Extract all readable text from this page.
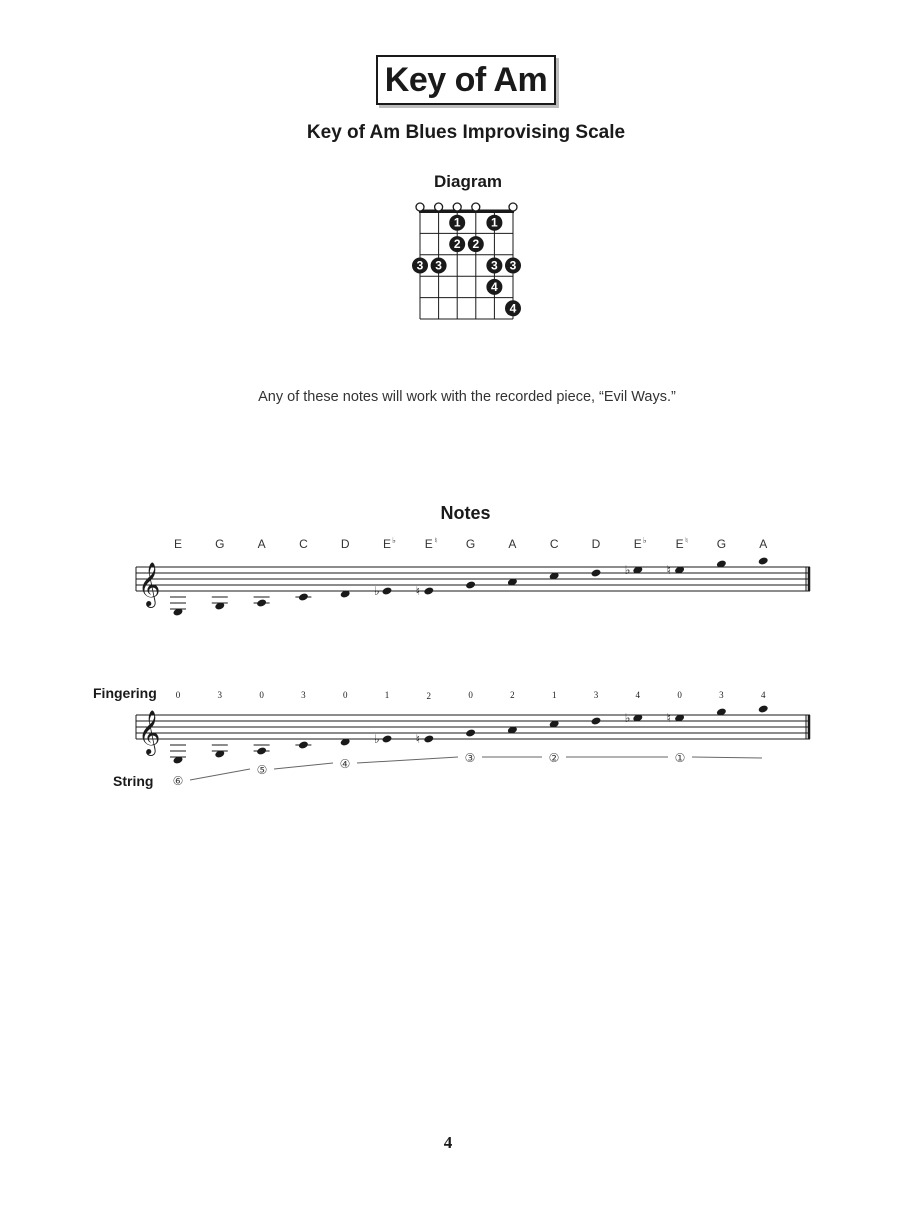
Key of Am
Key of Am Blues Improvising Scale
Diagram
1	1
2 2
3 3	3 3
4
4
Any of these notes will work with the recorded piece, “Evil Ways.”
Notes
𝄞	♭	♮
♭	♮
E	G	A	C	D	E ♭ E ♮ G	A	C	D	E ♭ E ♮ G	A
𝄞	♭	♮
♭	♮
Fingering 0	3	0	3	0	1	2	0	2	1	3	4	0	3	4
String ⑥
⑤	④	③	②	①
4
